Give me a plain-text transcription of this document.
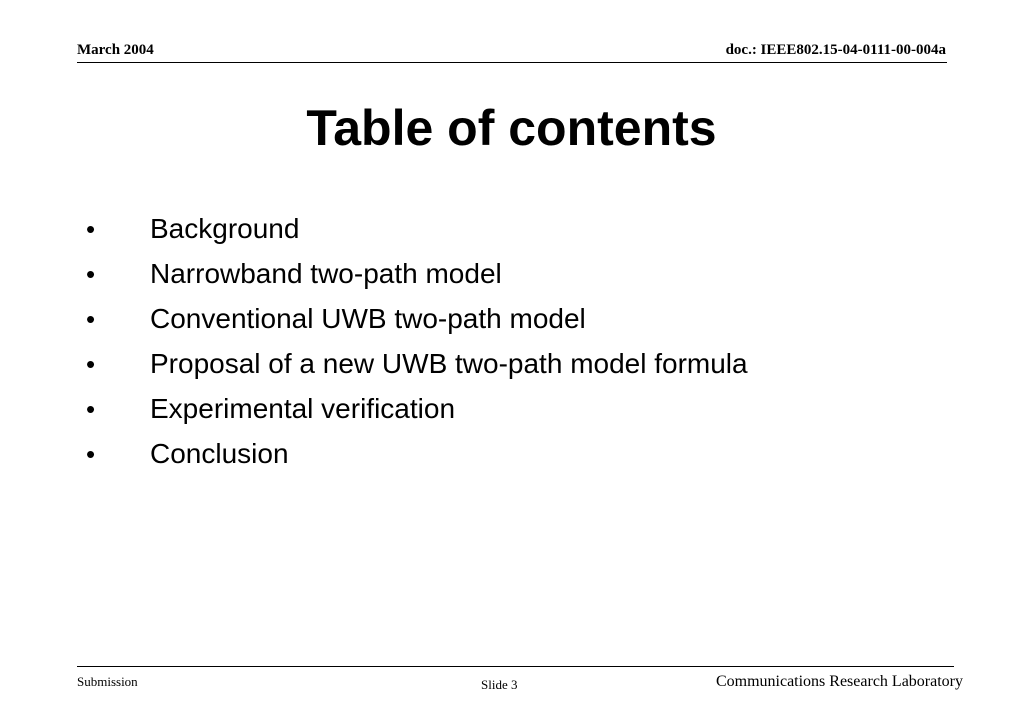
March 2004	doc.: IEEE802.15-04-0111-00-004a
Table of contents
•	Background
•	Narrowband two-path model
•	Conventional UWB two-path model
•	Proposal of a new UWB two-path model formula
•	Experimental verification
•	Conclusion
Submission	Slide 3	Communications Research Laboratory
